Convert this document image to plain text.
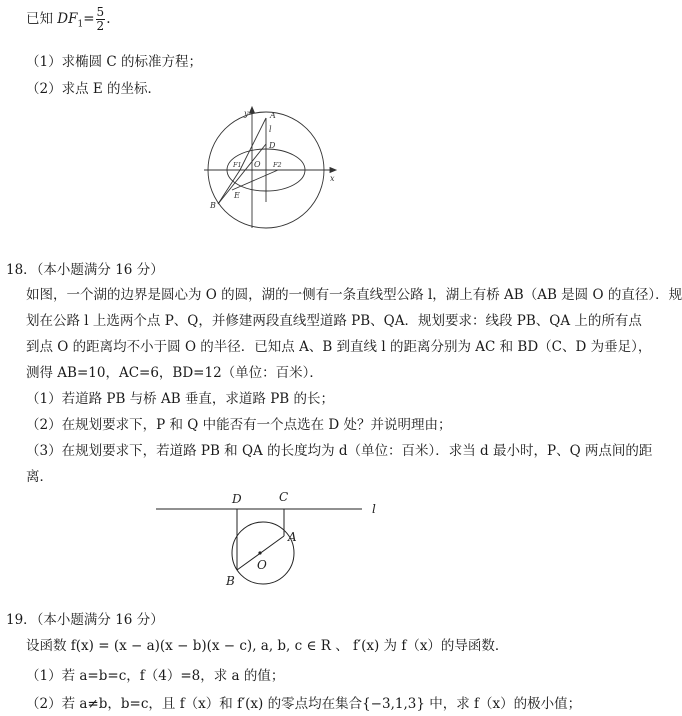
已知 $DF_1= \frac{5}{2}$ .
（1）求椭圆 C 的标准方程；
（2）求点 E 的坐标．
y
x
A
l
D
F1 O F2
E
B
18．（本小题满分 16 分）
如图，一个湖的边界是圆心为 O 的圆，湖的一侧有一条直线型公路 l，湖上有桥 AB（AB 是圆 O 的直径）．规
划在公路 l 上选两个点 P、Q，并修建两段直线型道路 PB、QA．规划要求：线段 PB、QA 上的所有点
到点 O 的距离均不小于圆 O 的半径．已知点 A、B 到直线 l 的距离分别为 AC 和 BD（C、D 为垂足），
测得 AB=10，AC=6，BD=12（单位：百米）．
（1）若道路 PB 与桥 AB 垂直，求道路 PB 的长；
（2）在规划要求下，P 和 Q 中能否有一个点选在 D 处？并说明理由；
（3）在规划要求下，若道路 PB 和 QA 的长度均为 d（单位：百米）．求当 d 最小时，P、Q 两点间的距
离．
D	C
l
A
O
B
19．（本小题满分 16 分）
设函数 f(x) = (x − a)(x − b)(x − c), a, b, c ∈ R 、 f′(x) 为 f（x）的导函数．
（1）若 a=b=c，f（4）=8，求 a 的值；
（2）若 a≠b，b=c，且 f（x）和 f′(x) 的零点均在集合{−3,1,3} 中，求 f（x）的极小值；
